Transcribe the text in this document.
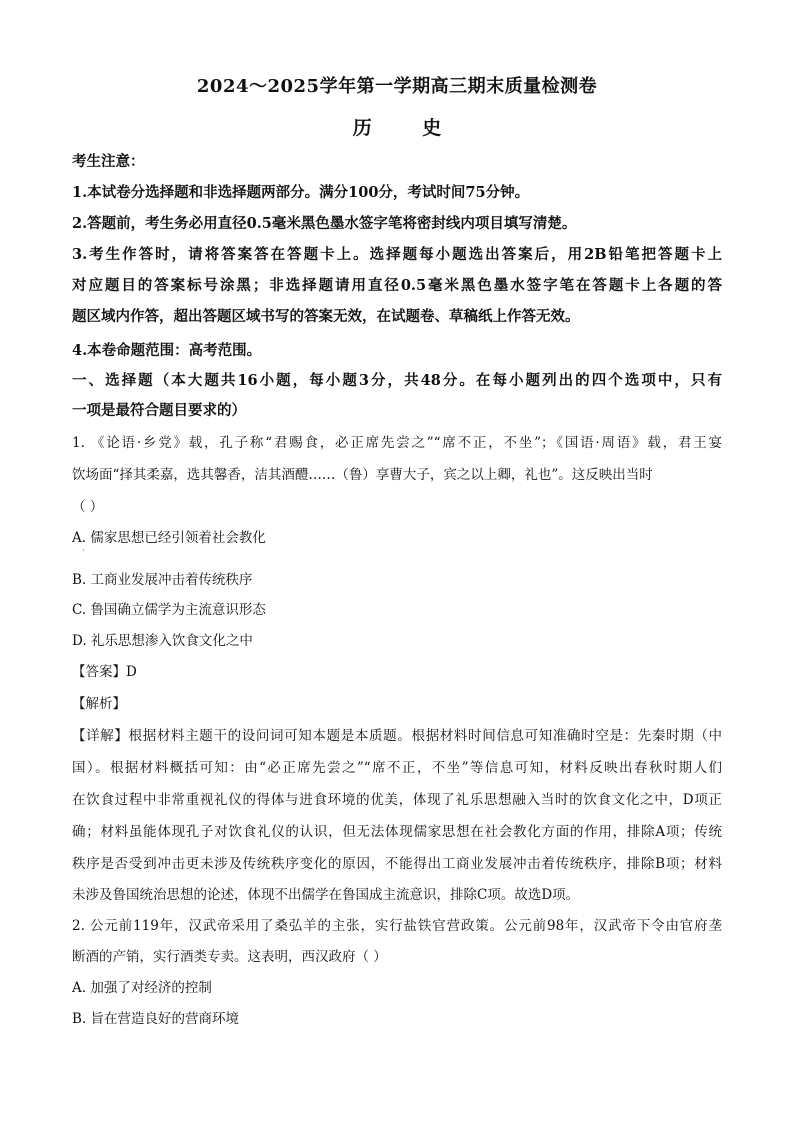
2024～2025学年第一学期高三期末质量检测卷
历 史
考生注意：
1.本试卷分选择题和非选择题两部分。满分100分，考试时间75分钟。
2.答题前，考生务必用直径0.5毫米黑色墨水签字笔将密封线内项目填写清楚。
3.考生作答时，请将答案答在答题卡上。选择题每小题选出答案后，用2B铅笔把答题卡上
对应题目的答案标号涂黑；非选择题请用直径0.5毫米黑色墨水签字笔在答题卡上各题的答
题区域内作答，超出答题区域书写的答案无效，在试题卷、草稿纸上作答无效。
4.本卷命题范围：高考范围。
一、选择题（本大题共16小题，每小题3分，共48分。在每小题列出的四个选项中，只有
一项是最符合题目要求的）
1. 《论语·乡党》载，孔子称“君赐食，必正席先尝之”“席不正，不坐”；《国语·周语》载，君王宴
饮场面“择其柔嘉，选其馨香，洁其酒醴……（鲁）享曹大子，宾之以上卿，礼也”。这反映出当时
（ ）
A. 儒家思想已经引领着社会教化
·
B. 工商业发展冲击着传统秩序
C. 鲁国确立儒学为主流意识形态
D. 礼乐思想渗入饮食文化之中
【答案】D
【解析】
【详解】根据材料主题干的设问词可知本题是本质题。根据材料时间信息可知准确时空是：先秦时期（中
国）。根据材料概括可知：由“必正席先尝之”“席不正，不坐”等信息可知，材料反映出春秋时期人们
在饮食过程中非常重视礼仪的得体与进食环境的优美，体现了礼乐思想融入当时的饮食文化之中，D项正
确；材料虽能体现孔子对饮食礼仪的认识，但无法体现儒家思想在社会教化方面的作用，排除A项；传统
秩序是否受到冲击更未涉及传统秩序变化的原因，不能得出工商业发展冲击着传统秩序，排除B项；材料
未涉及鲁国统治思想的论述，体现不出儒学在鲁国成主流意识，排除C项。故选D项。
2. 公元前119年，汉武帝采用了桑弘羊的主张，实行盐铁官营政策。公元前98年，汉武帝下令由官府垄
断酒的产销，实行酒类专卖。这表明，西汉政府（ ）
A. 加强了对经济的控制
B. 旨在营造良好的营商环境
